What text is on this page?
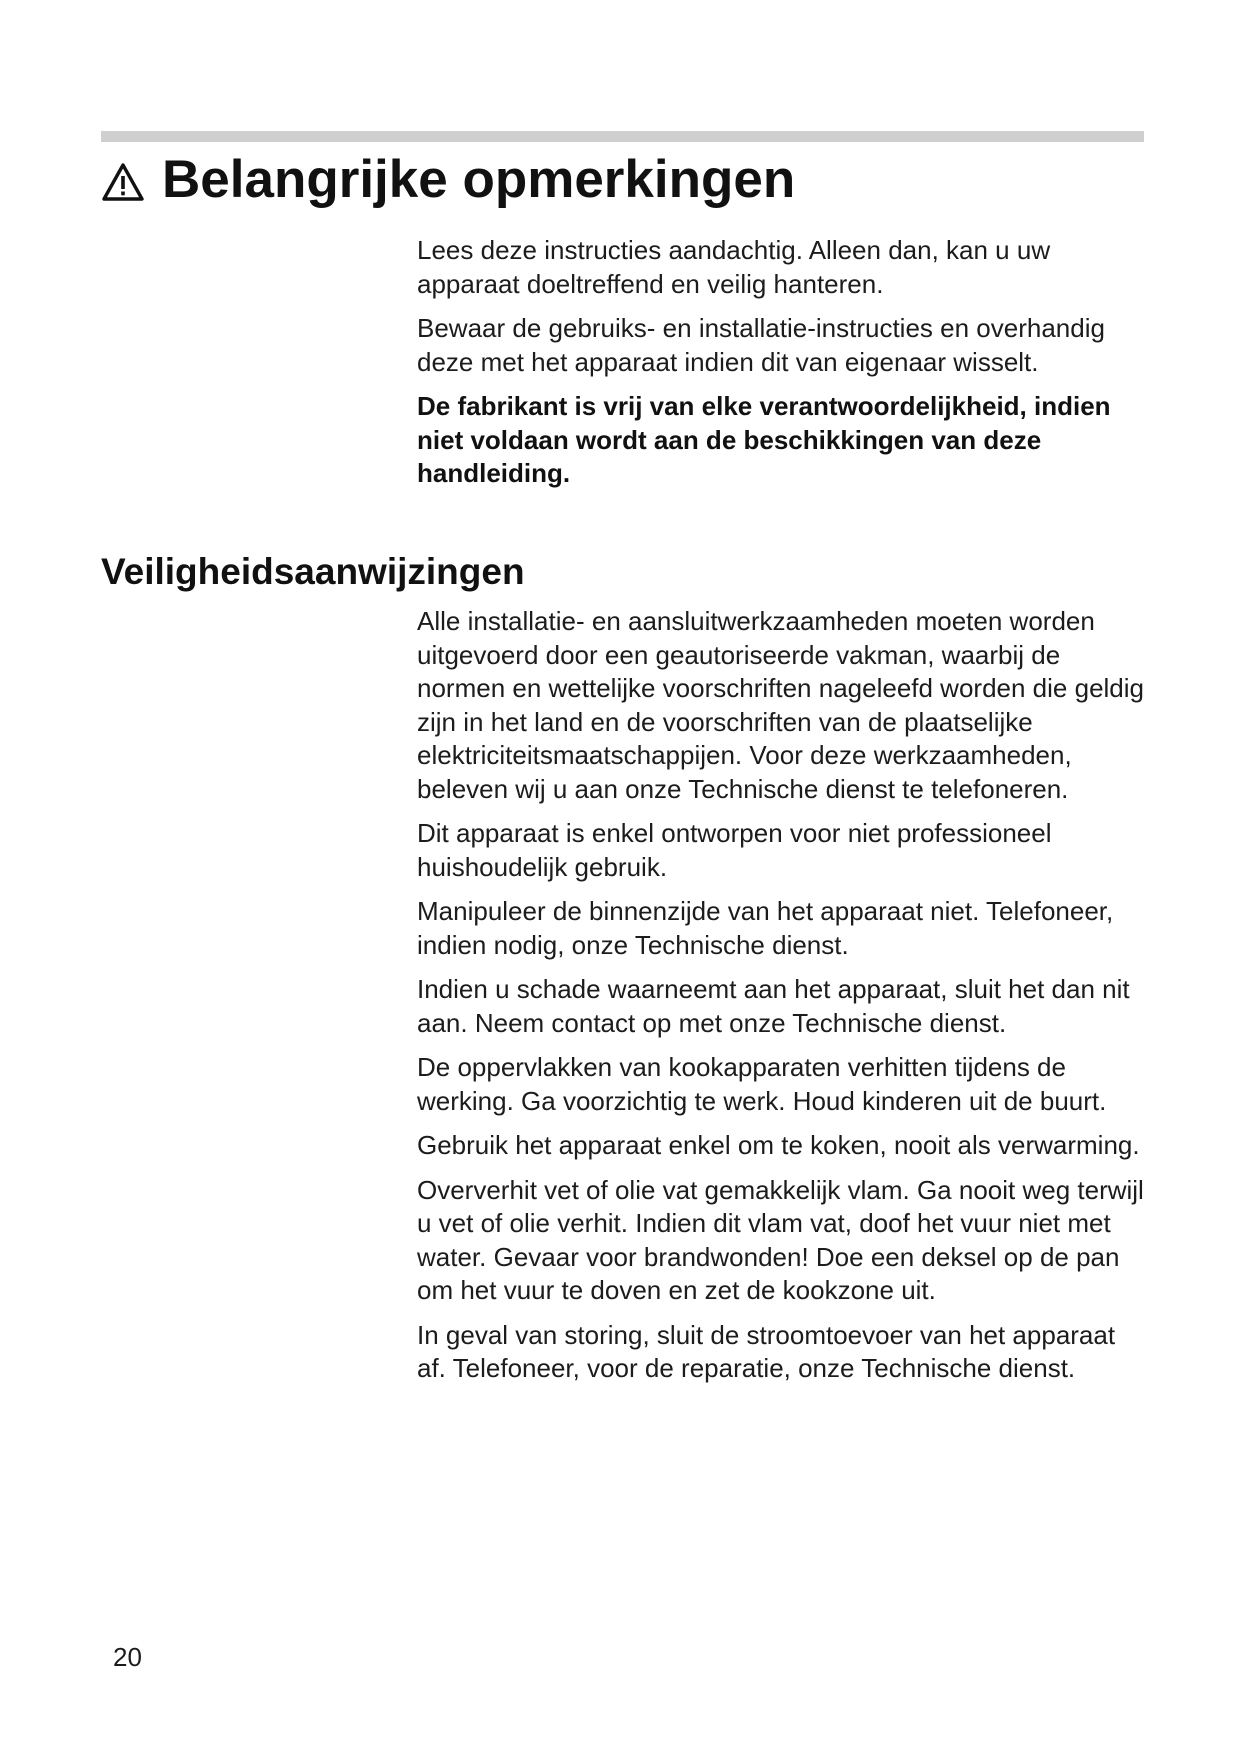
Belangrijke opmerkingen

Lees deze instructies aandachtig. Alleen dan, kan u uw apparaat doeltreffend en veilig hanteren.

Bewaar de gebruiks- en installatie-instructies en overhandig deze met het apparaat indien dit van eigenaar wisselt.

De fabrikant is vrij van elke verantwoordelijkheid, indien niet voldaan wordt aan de beschikkingen van deze handleiding.

Veiligheidsaanwijzingen

Alle installatie- en aansluitwerkzaamheden moeten worden uitgevoerd door een geautoriseerde vakman, waarbij de normen en wettelijke voorschriften nageleefd worden die geldig zijn in het land en de voorschriften van de plaatselijke elektriciteitsmaatschappijen. Voor deze werkzaamheden, beleven wij u aan onze Technische dienst te telefoneren.

Dit apparaat is enkel ontworpen voor niet professioneel huishoudelijk gebruik.

Manipuleer de binnenzijde van het apparaat niet. Telefoneer, indien nodig, onze Technische dienst.

Indien u schade waarneemt aan het apparaat, sluit het dan nit aan. Neem contact op met onze Technische dienst.

De oppervlakken van kookapparaten verhitten tijdens de werking. Ga voorzichtig te werk. Houd kinderen uit de buurt.

Gebruik het apparaat enkel om te koken, nooit als verwarming.

Oververhit vet of olie vat gemakkelijk vlam. Ga nooit weg terwijl u vet of olie verhit. Indien dit vlam vat, doof het vuur niet met water. Gevaar voor brandwonden! Doe een deksel op de pan om het vuur te doven en zet de kookzone uit.

In geval van storing, sluit de stroomtoevoer van het apparaat af. Telefoneer, voor de reparatie, onze Technische dienst.

20
